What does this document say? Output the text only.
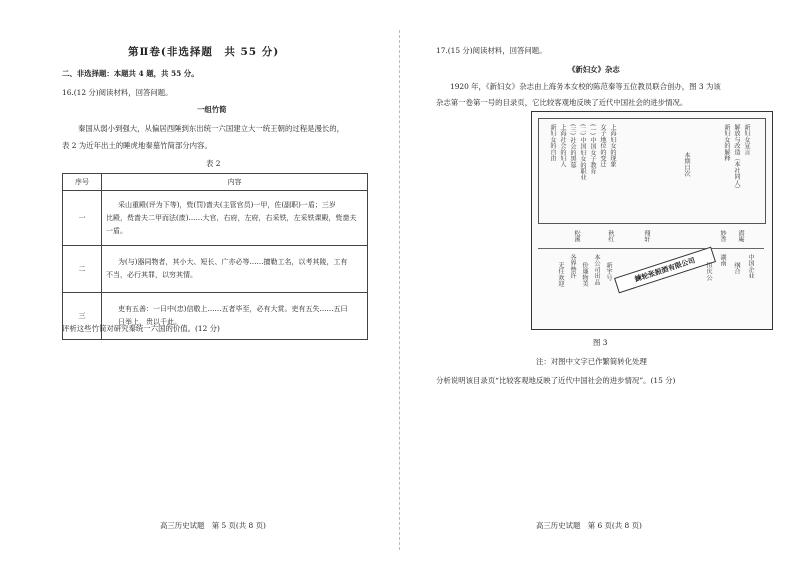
第Ⅱ卷(非选择题　共 55 分)
二、非选择题：本题共 4 题，共 55 分。
16.(12 分)阅读材料，回答问题。
一组竹简
秦国从弱小到强大，从偏居西陲到东出统一六国建立大一统王朝的过程是漫长的，
表 2 为近年出土的睡虎地秦墓竹简部分内容。
表 2
序号	内容
一	采山重殿(评为下等)，赀(罚)啬夫(主管官员)一甲，佐(副职)一盾；三岁
比殿，赀啬夫二甲而法(废)……大官，右府，左府，右采铁，左采铁课殿，赀啬夫
一盾。

二	为(与)器同物者，其小大、短长、广亦必等……擅勒工名，以考其陵，工有
不当，必行其罪，以穷其情。

三	吏有五善：一曰中(忠)信敬上……五者毕至，必有大赏。吏有五失……五曰
日举上，贵以千此。
评析这些竹简对研究秦统一六国的价值。(12 分)
高三历史试题　第 5 页(共 8 页)
17.(15 分)阅读材料，回答问题。
《新妇女》杂志
1920 年，《新妇女》杂志由上海务本女校的陈范秦等五位教员联合创办，图 3 为该
杂志第一卷第一号的目录页，它比较客观地反映了近代中国社会的进步情况。
新妇女宣言
解放与改造（本社同人）
新妇女的解释
本期目次
上海妇女的现象
女子地位的变迁
(一) 中国女子教育
(二) 中国妇女的职业
(三) 社会的黑幕
上海社会的妇人
新妇女的自由
潜庵
妙香
翔轩
秋红
松溪
鍊轮张振酒有限公司	中国企业
纲合
湖南
恒庆公
新宇号
本公司出品
价廉物美
各界赞许
无任欢迎
图 3
注：对图中文字已作繁简转化处理
分析说明该目录页“比较客观地反映了近代中国社会的进步情况”。(15 分)
高三历史试题　第 6 页(共 8 页)
